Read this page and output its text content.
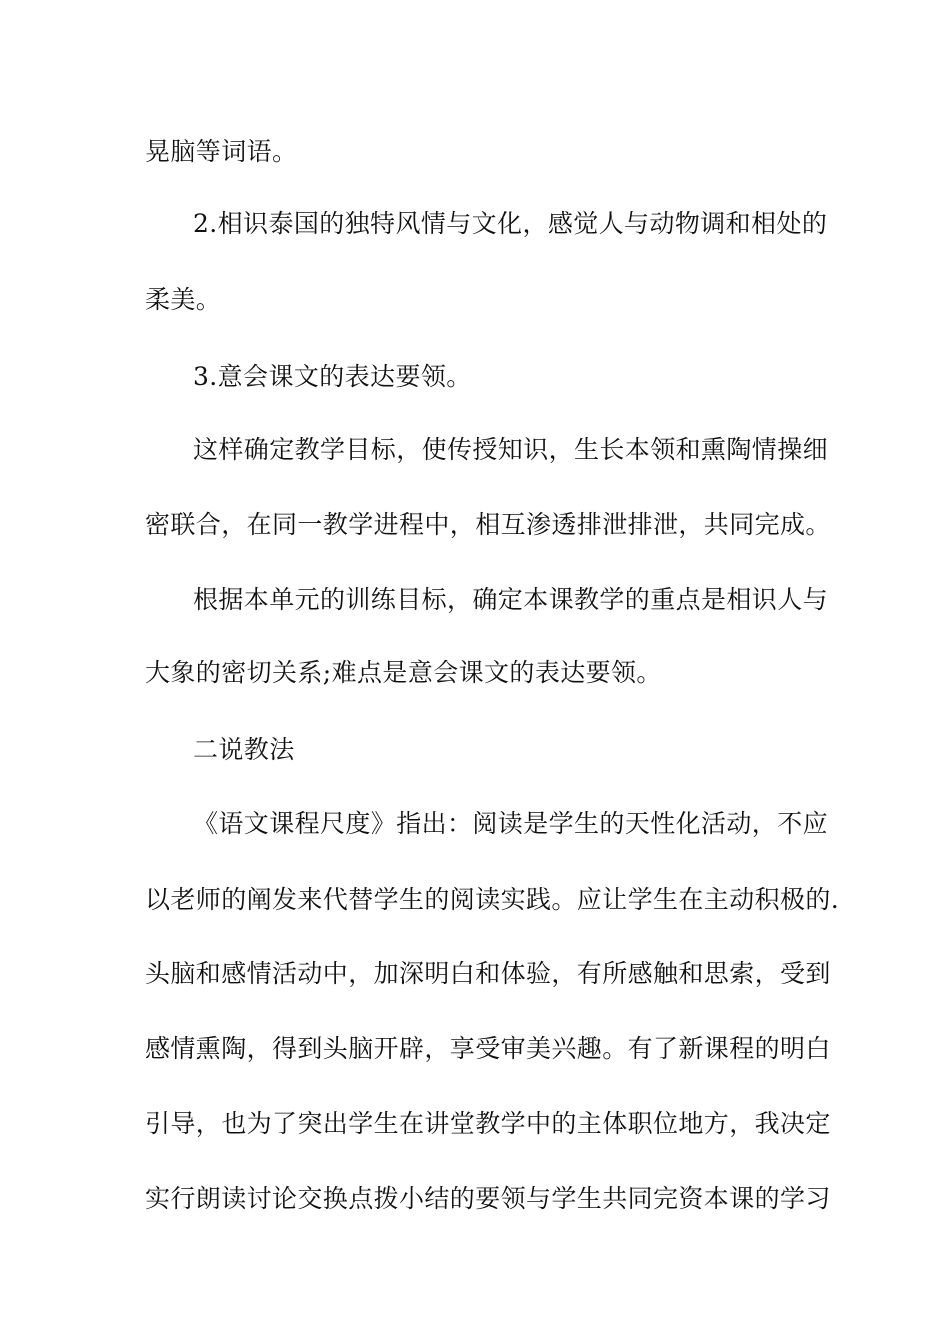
晃脑等词语。
2.相识泰国的独特风情与文化，感觉人与动物调和相处的
柔美。
3.意会课文的表达要领。
这样确定教学目标，使传授知识，生长本领和熏陶情操细
密联合，在同一教学进程中，相互渗透排泄排泄，共同完成。
根据本单元的训练目标，确定本课教学的重点是相识人与
大象的密切关系;难点是意会课文的表达要领。
二说教法
《语文课程尺度》指出：阅读是学生的天性化活动，不应
以老师的阐发来代替学生的阅读实践。应让学生在主动积极的.
头脑和感情活动中，加深明白和体验，有所感触和思索，受到
感情熏陶，得到头脑开辟，享受审美兴趣。有了新课程的明白
引导，也为了突出学生在讲堂教学中的主体职位地方，我决定
实行朗读讨论交换点拨小结的要领与学生共同完资本课的学习
